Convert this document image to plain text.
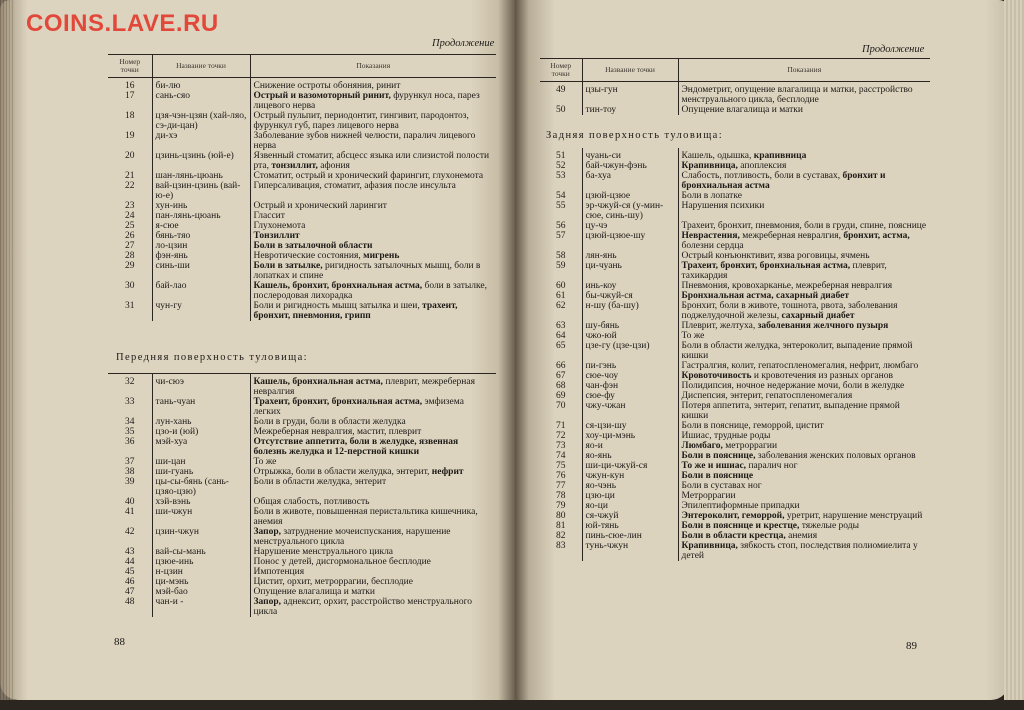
COINS.LAVE.RU
Продолжение
Номер точки	Название точки	Показания
16	би-лю	Снижение остроты обоняния, ринит
17	сань-сяо	Острый и вазомоторный ринит, фурункул носа, парез лицевого нерва
18	цзя-чэн-цзян (хай-ляо, сэ-ди-цан)	Острый пульпит, периодонтит, гингивит, пародонтоз, фурункул губ, парез лицевого нерва
19	ди-хэ	Заболевание зубов нижней челюсти, паралич лицевого нерва
20	цзинь-цзинь (юй-е)	Язвенный стоматит, абсцесс языка или слизистой полости рта, тонзиллит, афония
21	шан-лянь-цюань	Стоматит, острый и хронический фарингит, глухонемота
22	вай-цзин-цзинь (вай-ю-е)	Гиперсаливация, стоматит, афазия после инсульта
23	хун-инь	Острый и хронический ларингит
24	пан-лянь-цюань	Глассит
25	я-сюе	Глухонемота
26	бянь-тяо	Тонзиллит
27	ло-цзин	Боли в затылочной области
28	фэн-янь	Невротические состояния, мигрень
29	синь-ши	Боли в затылке, ригидность затылочных мышц, боли в лопатках и спине
30	бай-лао	Кашель, бронхит, бронхиальная астма, боли в затылке, послеродовая лихорадка
31	чун-гу	Боли и ригидность мышц затылка и шеи, трахеит, бронхит, пневмония, грипп
Передняя поверхность туловища:
32	чи-сюэ	Кашель, бронхиальная астма, плеврит, межреберная невралгия
33	тань-чуан	Трахеит, бронхит, бронхиальная астма, эмфизема легких
34	лун-хань	Боли в груди, боли в области желудка
35	цзо-и (юй)	Межреберная невралгия, мастит, плеврит
36	мэй-хуа	Отсутствие аппетита, боли в желудке, язвенная болезнь желудка и 12-перстной кишки
37	ши-цан	То же
38	ши-гуань	Отрыжка, боли в области желудка, энтерит, нефрит
39	цы-сы-бянь (сань-цзяо-цзю)	Боли в области желудка, энтерит
40	хэй-вэнь	Общая слабость, потливость
41	ши-чжун	Боли в животе, повышенная перистальтика кишечника, анемия
42	цзин-чжун	Запор, затруднение мочеиспускания, нарушение менструального цикла
43	вай-сы-мань	Нарушение менструального цикла
44	цзюе-инь	Понос у детей, дисгормональное бесплодие
45	н-цзин	Импотенция
46	ци-мэнь	Цистит, орхит, метроррагии, бесплодие
47	мэй-бао	Опущение влагалища и матки
48	чан-и -	Запор, аднексит, орхит, расстройство менструального цикла
88
Продолжение
Номер точки	Название точки	Показания
49	цзы-гун	Эндометрит, опущение влагалища и матки, расстройство менструального цикла, бесплодие
50	тин-тоу	Опущение влагалища и матки
Задняя поверхность туловища:
51	чуань-си	Кашель, одышка, крапивница
52	бай-чжун-фэнь	Крапивница, апоплексия
53	ба-хуа	Слабость, потливость, боли в суставах, бронхит и бронхиальная астма
54	цзюй-цзюе	Боли в лопатке
55	эр-чжуй-ся (у-мин-сюе, синь-шу)	Нарушения психики
56	цу-чэ	Трахеит, бронхит, пневмония, боли в груди, спине, пояснице
57	цзюй-цзюе-шу	Неврастения, межреберная невралгия, бронхит, астма, болезни сердца
58	лян-янь	Острый конъюнктивит, язва роговицы, ячмень
59	ци-чуань	Трахеит, бронхит, бронхиальная астма, плеврит, тахикардия
60	инь-коу	Пневмония, кровохарканье, межреберная невралгия
61	бы-чжуй-ся	Бронхиальная астма, сахарный диабет
62	н-шу (ба-шу)	Бронхит, боли в животе, тошнота, рвота, заболевания поджелудочной железы, сахарный диабет
63	шу-бянь	Плеврит, желтуха, заболевания желчного пузыря
64	чжо-юй	То же
65	цзе-гу (цзе-цзи)	Боли в области желудка, энтероколит, выпадение прямой кишки
66	пи-гэнь	Гастралгия, колит, гепатоспленомегалия, нефрит, люмбаго
67	сюе-чоу	Кровоточивость и кровотечения из разных органов
68	чан-фэн	Полидипсия, ночное недержание мочи, боли в желудке
69	сюе-фу	Диспепсия, энтерит, гепатоспленомегалия
70	чжу-чжан	Потеря аппетита, энтерит, гепатит, выпадение прямой кишки
71	ся-цзи-шу	Боли в пояснице, геморрой, цистит
72	хоу-ци-мэнь	Ишиас, трудные роды
73	яо-и	Люмбаго, метроррагии
74	яо-янь	Боли в пояснице, заболевания женских половых органов
75	ши-ци-чжуй-ся	То же и ишиас, паралич ног
76	чжун-кун	Боли в пояснице
77	яо-чэнь	Боли в суставах ног
78	цзю-ци	Метроррагии
79	яо-ци	Эпилептиформные припадки
80	ся-чжуй	Энтероколит, геморрой, уретрит, нарушение менструаций
81	юй-тянь	Боли в пояснице и крестце, тяжелые роды
82	пинь-сюе-лин	Боли в области крестца, анемия
83	тунь-чжун	Крапивница, зябкость стоп, последствия полиомиелита у детей
89
